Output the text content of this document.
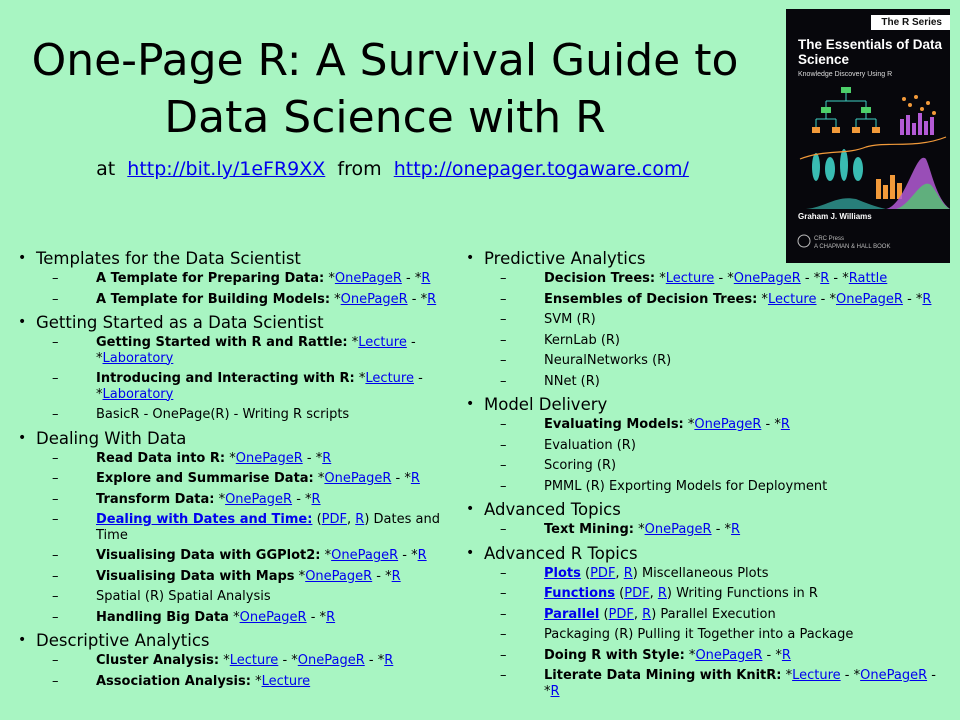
One-Page R: A Survival Guide to Data Science with R
at http://bit.ly/1eFR9XX from http://onepager.togaware.com/
The R Series
The Essentials of Data Science
Knowledge Discovery Using R
Graham J. Williams
CRC Press
A CHAPMAN & HALL BOOK
• Templates for the Data Scientist
–	A Template for Preparing Data: *OnePageR - *R
–	A Template for Building Models: *OnePageR - *R
• Getting Started as a Data Scientist
–	Getting Started with R and Rattle: *Lecture - *Laboratory
–	Introducing and Interacting with R: *Lecture - *Laboratory
–	BasicR - OnePage(R) - Writing R scripts
• Dealing With Data
–	Read Data into R: *OnePageR - *R
–	Explore and Summarise Data: *OnePageR - *R
–	Transform Data: *OnePageR - *R
–	Dealing with Dates and Time: (PDF, R) Dates and Time
–	Visualising Data with GGPlot2: *OnePageR - *R
–	Visualising Data with Maps *OnePageR - *R
–	Spatial (R) Spatial Analysis
–	Handling Big Data *OnePageR - *R
• Descriptive Analytics
–	Cluster Analysis: *Lecture - *OnePageR - *R
–	Association Analysis: *Lecture
• Predictive Analytics
–	Decision Trees: *Lecture - *OnePageR - *R - *Rattle
–	Ensembles of Decision Trees: *Lecture - *OnePageR - *R
–	SVM (R)
–	KernLab (R)
–	NeuralNetworks (R)
–	NNet (R)
• Model Delivery
–	Evaluating Models: *OnePageR - *R
–	Evaluation (R)
–	Scoring (R)
–	PMML (R) Exporting Models for Deployment
• Advanced Topics
–	Text Mining: *OnePageR - *R
• Advanced R Topics
–	Plots (PDF, R) Miscellaneous Plots
–	Functions (PDF, R) Writing Functions in R
–	Parallel (PDF, R) Parallel Execution
–	Packaging (R) Pulling it Together into a Package
–	Doing R with Style: *OnePageR - *R
–	Literate Data Mining with KnitR: *Lecture - *OnePageR - *R
